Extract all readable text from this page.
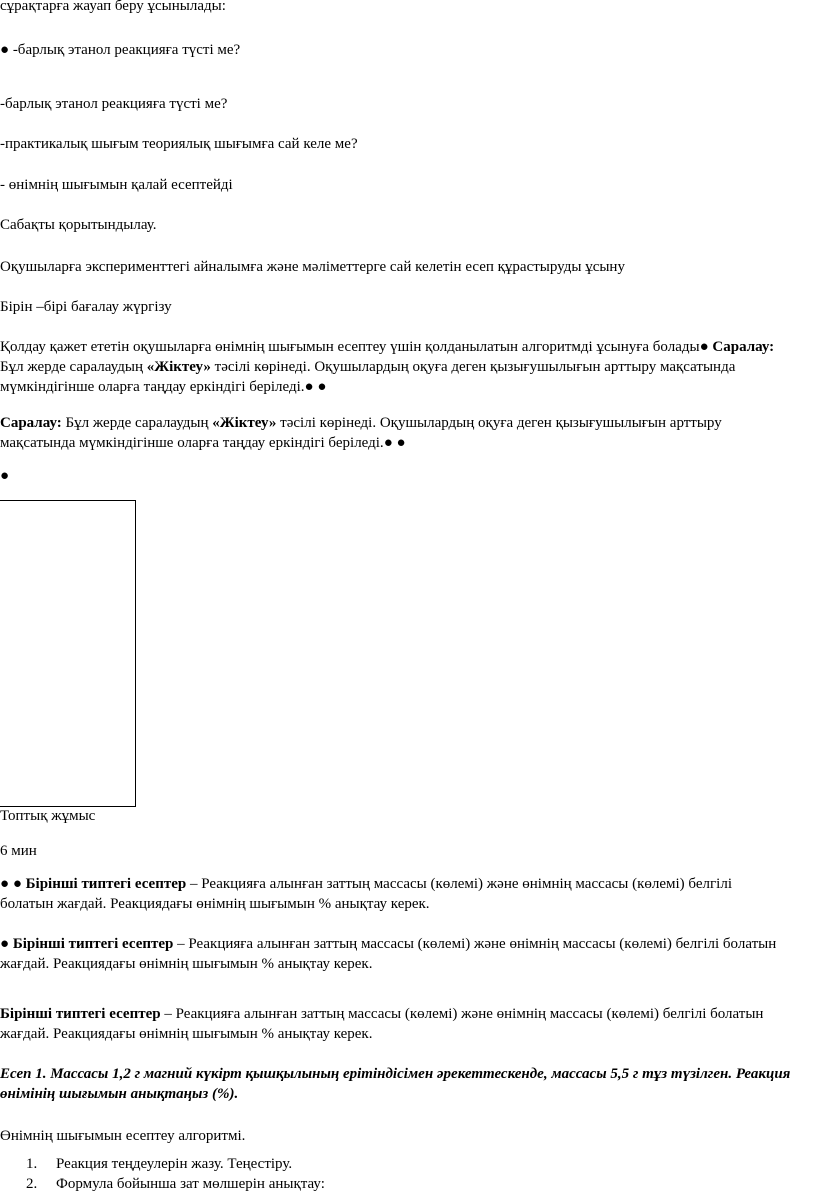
сұрақтарға жауап беру ұсынылады:
● -барлық этанол реакцияға түсті ме?
-барлық этанол реакцияға түсті ме?
-практикалық шығым теориялық шығымға сай келе ме?
- өнімнің шығымын қалай есептейді
Сабақты қорытындылау.
Оқушыларға эксперименттегі айналымға және мәліметтерге сай келетін есеп құрастыруды ұсыну
Бірін –бірі бағалау жүргізу
Қолдау қажет ететін оқушыларға өнімнің шығымын есептеу үшін қолданылатын алгоритмді ұсынуға болады● Саралау:
Бұл жерде саралаудың «Жіктеу» тәсілі көрінеді. Оқушылардың оқуға деген қызығушылығын арттыру мақсатында
мүмкіндігінше оларға таңдау еркіндігі беріледі.● ●
Саралау: Бұл жерде саралаудың «Жіктеу» тәсілі көрінеді. Оқушылардың оқуға деген қызығушылығын арттыру
мақсатында мүмкіндігінше оларға таңдау еркіндігі беріледі.● ●
●
Топтық жұмыс
6 мин
● ● Бірінші типтегі есептер – Реакцияға алынған заттың массасы (көлемі) және өнімнің массасы (көлемі) белгілі
болатын жағдай. Реакциядағы өнімнің шығымын % анықтау керек.
● Бірінші типтегі есептер – Реакцияға алынған заттың массасы (көлемі) және өнімнің массасы (көлемі) белгілі болатын
жағдай. Реакциядағы өнімнің шығымын % анықтау керек.
Бірінші типтегі есептер – Реакцияға алынған заттың массасы (көлемі) және өнімнің массасы (көлемі) белгілі болатын
жағдай. Реакциядағы өнімнің шығымын % анықтау керек.
Есеп 1. Массасы 1,2 г магний күкірт қышқылының ерітіндісімен әрекеттескенде, массасы 5,5 г тұз түзілген. Реакция
өнімінің шығымын анықтаңыз (%).
Өнімнің шығымын есептеу алгоритмі.
1. Реакция теңдеулерін жазу. Теңестіру.
2. Формула бойынша зат мөлшерін анықтау:
